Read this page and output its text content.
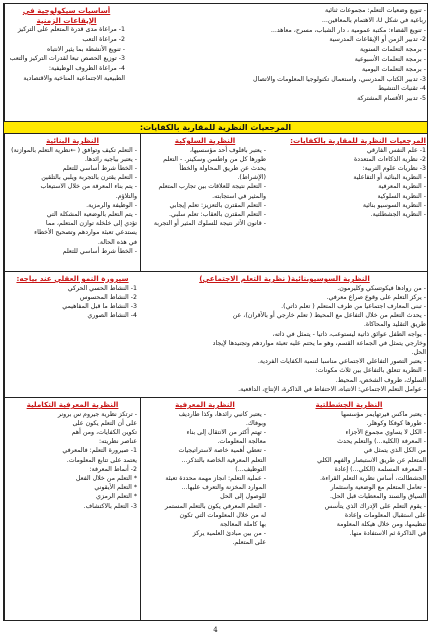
أساسيات سيكولوجية في الإيقاعات الزمنية

1- مراعاة مدى قدرة المتعلم على التركيز

2- مراعاة التعب

- تنويع الأنشطة بما يثير الانتباه

3- توزيع الحصص تبعا لقدرات التركيز والتعب

4- مراعاة الظروف الوظيفية:

الطبيعية الاجتماعية المناخية والاقتصادية

- تنويع وضعيات التعلم: مجموعات ثنائية

رباعية في شكل U، الاهتمام بالمعاقين...

- تنويع الفضاء: مكتبة عمومية ، دار الشباب، مسرح، معاهد...

2- تدبير الزمن أو الإيقاعات المدرسية

- برمجة التعلمات السنوية

- برمجة التعلمات الأسبوعية

- برمجة التعلمات اليومية

3- تدبير الكتاب المدرسي، واستعمال تكنولوجيا المعلومات والاتصال

4- تقنيات التنشيط

5- تدبير الأقسام المشتركة

المرجعيات النظرية للمقاربة بالكفايات:
النظرية البنائية

- التعلم تكيف وتوافق ( ←نظرية التعلم بالموازنة)

- يعتبر بياجيه رائدها.

- الخطأ شرط أساسي للتعلم

- التعلم يقترن بالتجربة ويلبي بالتلقين

- يتم بناء المعرفة من خلال الاستيعاب

والتلاؤم.

- الوظيفة والرمزية.

- يتم التعلم بالوضعية المشكلة التي

تؤدي إلى خلخلة توازن المتعلم، مما

يستدعي تعبئة مواردهم وتصحيح الأخطاء

في هذه الحالة.

- الخطأ شرط أساسي للتعلم

النظرية السلوكية

- يعتبر بافلوف أحد مؤسسيها،

طورها كل من واطسن وسكينر. - التعلم

يحدث عن طريق المحاولة والخطأ

(الإشراط).

- التعلم نتيجة للعلاقات بين تجارب المتعلم

والمثير في استجابته.

- التعلم المقترن بالتعزيز: تعلم إيجابي

- التعلم المقترن بالعقاب: تعلم سلبي.

- قانون الأثر نتيجة للسلوك المثير أو التجربة

المرجعيات النظرية للمقاربة بالكفايات:

1- علم النفس الفارقي

2- نظرية الذكاءات المتعددة

3- نظريات علوم التربية:

- النظرية البنائية أو التفاعلية

- النظرية المعرفية

- النظرية السلوكية

- النظرية السوسيو بنائية

- النظرية الجشطلتية.

سيرورة النمو العقلي عند بياجه:

1- النشاط الحسي الحركي

2- النشاط المحسوس

3- النشاط ما قبل المفاهيمي

4- النشاط الصوري

النظرية السوسيوبنائية( نظرية التعلم الاجتماعي)

- من روادها فيكوتسكي وكليرمون.

- يركز التعلم على وقوع صراع معرفي.

- تبنى المعارف اجتماعيا من طرف المتعلم ( تعلم ذاتي).

- يحدث التعلم من خلال التفاعل مع المحيط ( تعلم خارجي أو بالأقران)، عن

طريق التقليد والمحاكاة.

- يواجه الطفل عوائق ذاتية ليستوعب، ذاتيا - يتمثل في ذاته،

وخارجي يتمثل في الجماعة القسم، وهو ما يحتم عليه تعبئة مواردهم وتجنيدها لإيجاد

الحل.

- يعتبر التصور التفاعلي الاجتماعي مناسبا لتنمية الكفايات الفردية.

- النظرية تتعلق بالتفاعل بين ثلاث مكونات:

السلوك، ظروف الشخص، المحيط.

- عوامل التعلم الاجتماعي: الانتباه، الاحتفاظ في الذاكرة، الإنتاج، الدافعية.

النظرية المعرفية التكاملية

- ترتكز نظرية جيروم س برونر

على أن التعلم يكون على

تكوين الكفايات، ومن أهم

عناصر نظريته:

1- صيرورة التعلم: فالمعرفي

يعتمد على تتابع المعلومات.

2- أنماط المعرفة:

* التعلم من خلال الفعل

* التعلم الأيقوني

* التعلم الرمزي

3- التعلم بالاكتشاف.

النظرية المعرفية

- يعتبر كانبي رائدها، وكذا طارديف

وبوفاك.

- تهتم أكثر من الانتقال إلى بناء

معالجة المعلومات.

- تعطي أهمية خاصة لاستراتيجيات

التعلم المعرفية الخاصة بالتذكر...

التوظيف...)

- عملية التعلم: انجاز مهمة محددة تعبئة

الموارد المخزنة والتعرف عليها...

للوصول إلى الحل

- التعلم المعرفي يكون بالتعلم المستمر

له من خلال المعلومات التي تكون

بها كاملة المعالجة

- من بين مبادئ العلمية يركز

على المتعلم.

النظرية الجشطلتية

- يعتبر ماكس فيرتهايمر مؤسسها

- طورها كوفكا وكوهلر.

- الكل لا يساوي مجموع الأجزاء

- المعرفة (الكلية...) والتعلم يحدث

من الكل الذي يتمثل في

المتعلم عن طريق الاستبصار والفهم الكلي

- المعرفة المسلمة (الكلي...) إعادة

الجشطالت، أساس نظرية التعلم القراءة.

- تعامل المتعلم مع الوضعية واستثمار

السياق والسند والمعطيات قبل الحل.

- يقوم التعلم على الإدراك الذي يتأسس

على استقبال المعلومات وإعادة

تنظيمها، ومن خلال هيكلة المعلومة

في الذاكرة ثم الاستفادة منها.

4
